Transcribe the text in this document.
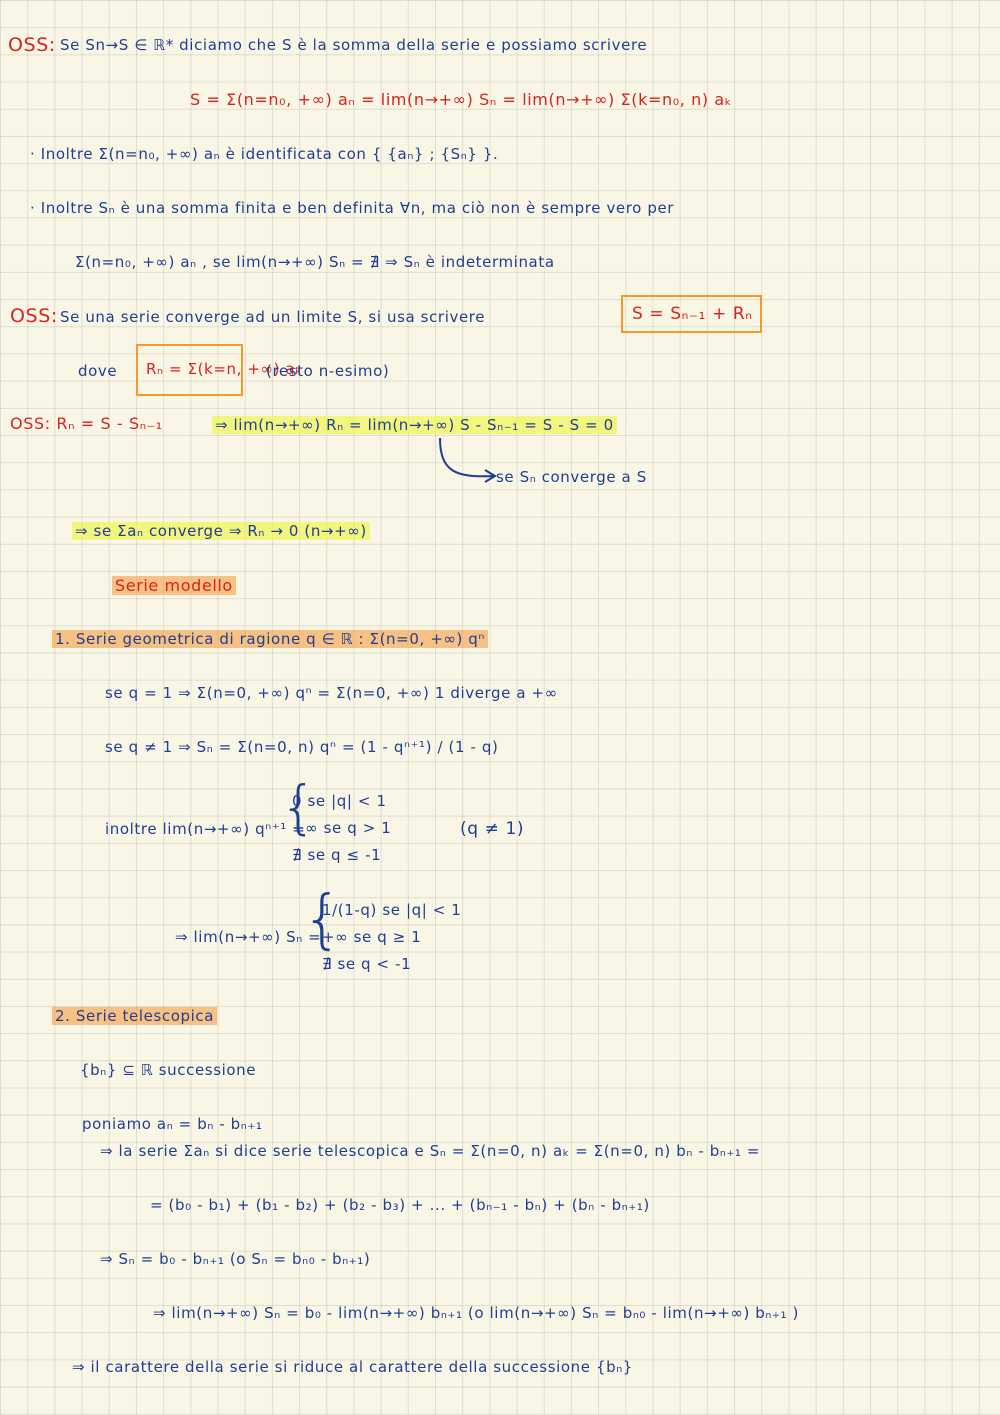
OSS: Se Sn→S ∈ ℝ* diciamo che S è la somma della serie e possiamo scrivere
S = Σ(n=n₀, +∞) aₙ = lim(n→+∞) Sₙ = lim(n→+∞) Σ(k=n₀, n) aₖ
· Inoltre Σ(n=n₀, +∞) aₙ è identificata con { {aₙ} ; {Sₙ} }.
· Inoltre Sₙ è una somma finita e ben definita ∀n, ma ciò non è sempre vero per
Σ(n=n₀, +∞) aₙ , se lim(n→+∞) Sₙ = ∄ ⇒ Sₙ è indeterminata
OSS: Se una serie converge ad un limite S, si usa scrivere	S = Sₙ₋₁ + Rₙ
dove Rₙ = Σ(k=n, +∞) aₖ
(resto n-esimo)
OSS: Rₙ = S - Sₙ₋₁	⇒ lim(n→+∞) Rₙ = lim(n→+∞) S - Sₙ₋₁ = S - S = 0
se Sₙ converge a S
⇒ se Σaₙ converge ⇒ Rₙ → 0 (n→+∞)
Serie modello
1. Serie geometrica di ragione q ∈ ℝ : Σ(n=0, +∞) qⁿ
se q = 1 ⇒ Σ(n=0, +∞) qⁿ = Σ(n=0, +∞) 1 diverge a +∞
se q ≠ 1 ⇒ Sₙ = Σ(n=0, n) qⁿ = (1 - qⁿ⁺¹) / (1 - q)
inoltre lim(n→+∞) qⁿ⁺¹ =
{
0 se |q| < 1
+∞ se q > 1
∄ se q ≤ -1
(q ≠ 1)
⇒ lim(n→+∞) Sₙ =
{
1/(1-q) se |q| < 1
+∞ se q ≥ 1
∄ se q < -1
2. Serie telescopica
{bₙ} ⊆ ℝ successione
poniamo aₙ = bₙ - bₙ₊₁
⇒ la serie Σaₙ si dice serie telescopica e Sₙ = Σ(n=0, n) aₖ = Σ(n=0, n) bₙ - bₙ₊₁ =
= (b₀ - b₁) + (b₁ - b₂) + (b₂ - b₃) + ... + (bₙ₋₁ - bₙ) + (bₙ - bₙ₊₁)
⇒ Sₙ = b₀ - bₙ₊₁ (o Sₙ = bₙ₀ - bₙ₊₁)
⇒ lim(n→+∞) Sₙ = b₀ - lim(n→+∞) bₙ₊₁ (o lim(n→+∞) Sₙ = bₙ₀ - lim(n→+∞) bₙ₊₁ )
⇒ il carattere della serie si riduce al carattere della successione {bₙ}
